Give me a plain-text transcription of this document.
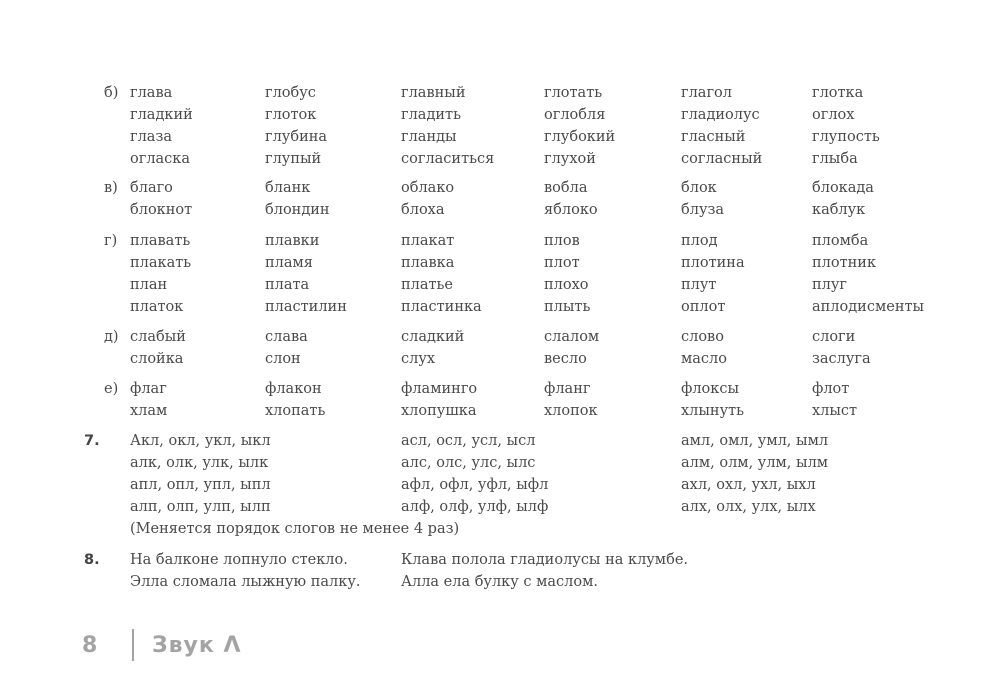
б) глава	глобус	главный	глотать	глагол	глотка
гладкий	глоток	гладить	оглобля	гладиолус	оглох
глаза	глубина	гланды	глубокий	гласный	глупость
огласка	глупый	согласиться	глухой	согласный	глыба
в) благо	бланк	облако	вобла	блок	блокада
блокнот	блондин	блоха	яблоко	блуза	каблук
г) плавать	плавки	плакат	плов	плод	пломба
плакать	пламя	плавка	плот	плотина	плотник
план	плата	платье	плохо	плут	плуг
платок	пластилин	пластинка	плыть	оплот	аплодисменты
д) слабый	слава	сладкий	слалом	слово	слоги
слойка	слон	слух	весло	масло	заслуга
е) флаг	флакон	фламинго	фланг	флоксы	флот
хлам	хлопать	хлопушка	хлопок	хлынуть	хлыст
7. Акл, окл, укл, ыкл	асл, осл, усл, ысл	амл, омл, умл, ымл
алк, олк, улк, ылк	алс, олс, улс, ылс	алм, олм, улм, ылм
апл, опл, упл, ыпл	афл, офл, уфл, ыфл	ахл, охл, ухл, ыхл
алп, олп, улп, ылп	алф, олф, улф, ылф	алх, олх, улх, ылх
(Меняется порядок слогов не менее 4 раз)
8. На балконе лопнуло стекло.	Клава полола гладиолусы на клумбе.
Элла сломала лыжную палку.	Алла ела булку с маслом.
8	Звук Λ
